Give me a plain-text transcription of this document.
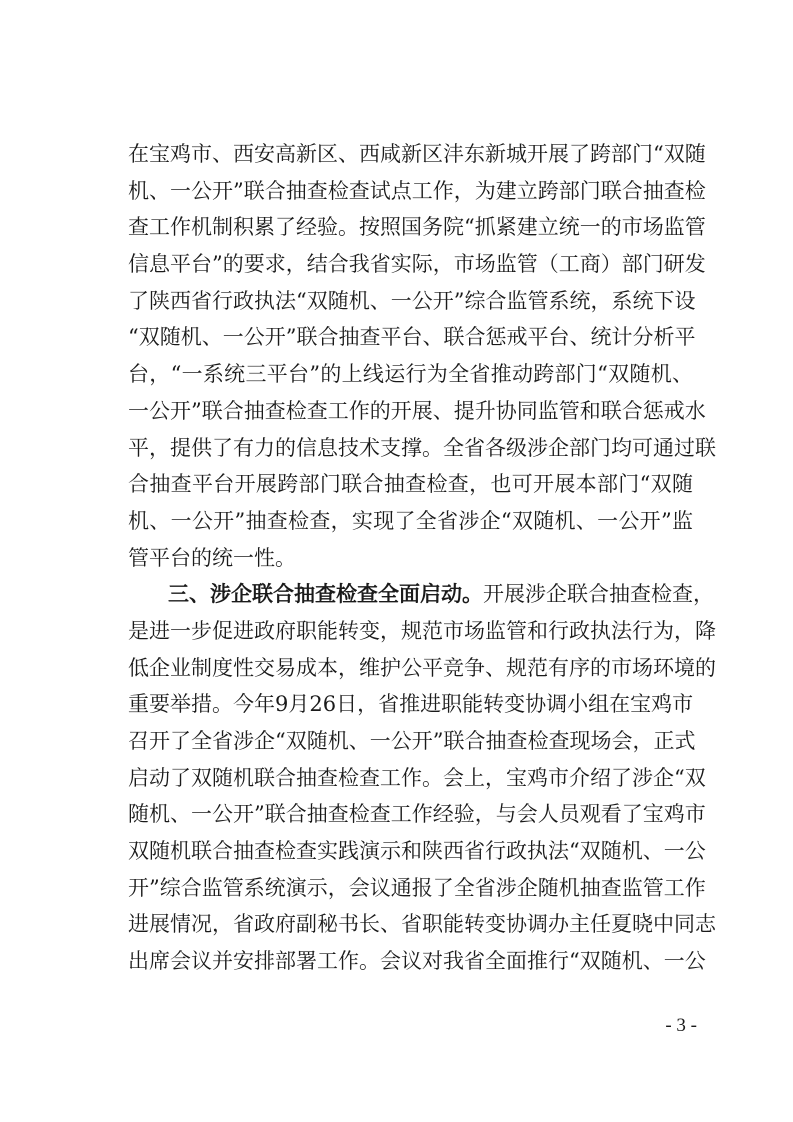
在宝鸡市、西安高新区、西咸新区沣东新城开展了跨部门“双随
机、一公开”联合抽查检查试点工作，为建立跨部门联合抽查检
查工作机制积累了经验。按照国务院“抓紧建立统一的市场监管
信息平台”的要求，结合我省实际，市场监管（工商）部门研发
了陕西省行政执法“双随机、一公开”综合监管系统，系统下设
“双随机、一公开”联合抽查平台、联合惩戒平台、统计分析平
台，“一系统三平台”的上线运行为全省推动跨部门“双随机、
一公开”联合抽查检查工作的开展、提升协同监管和联合惩戒水
平，提供了有力的信息技术支撑。全省各级涉企部门均可通过联
合抽查平台开展跨部门联合抽查检查，也可开展本部门“双随
机、一公开”抽查检查，实现了全省涉企“双随机、一公开”监
管平台的统一性。
三、涉企联合抽查检查全面启动。开展涉企联合抽查检查，
是进一步促进政府职能转变，规范市场监管和行政执法行为，降
低企业制度性交易成本，维护公平竞争、规范有序的市场环境的
重要举措。今年9月26日，省推进职能转变协调小组在宝鸡市
召开了全省涉企“双随机、一公开”联合抽查检查现场会，正式
启动了双随机联合抽查检查工作。会上，宝鸡市介绍了涉企“双
随机、一公开”联合抽查检查工作经验，与会人员观看了宝鸡市
双随机联合抽查检查实践演示和陕西省行政执法“双随机、一公
开”综合监管系统演示，会议通报了全省涉企随机抽查监管工作
进展情况，省政府副秘书长、省职能转变协调办主任夏晓中同志
出席会议并安排部署工作。会议对我省全面推行“双随机、一公
- 3 -
